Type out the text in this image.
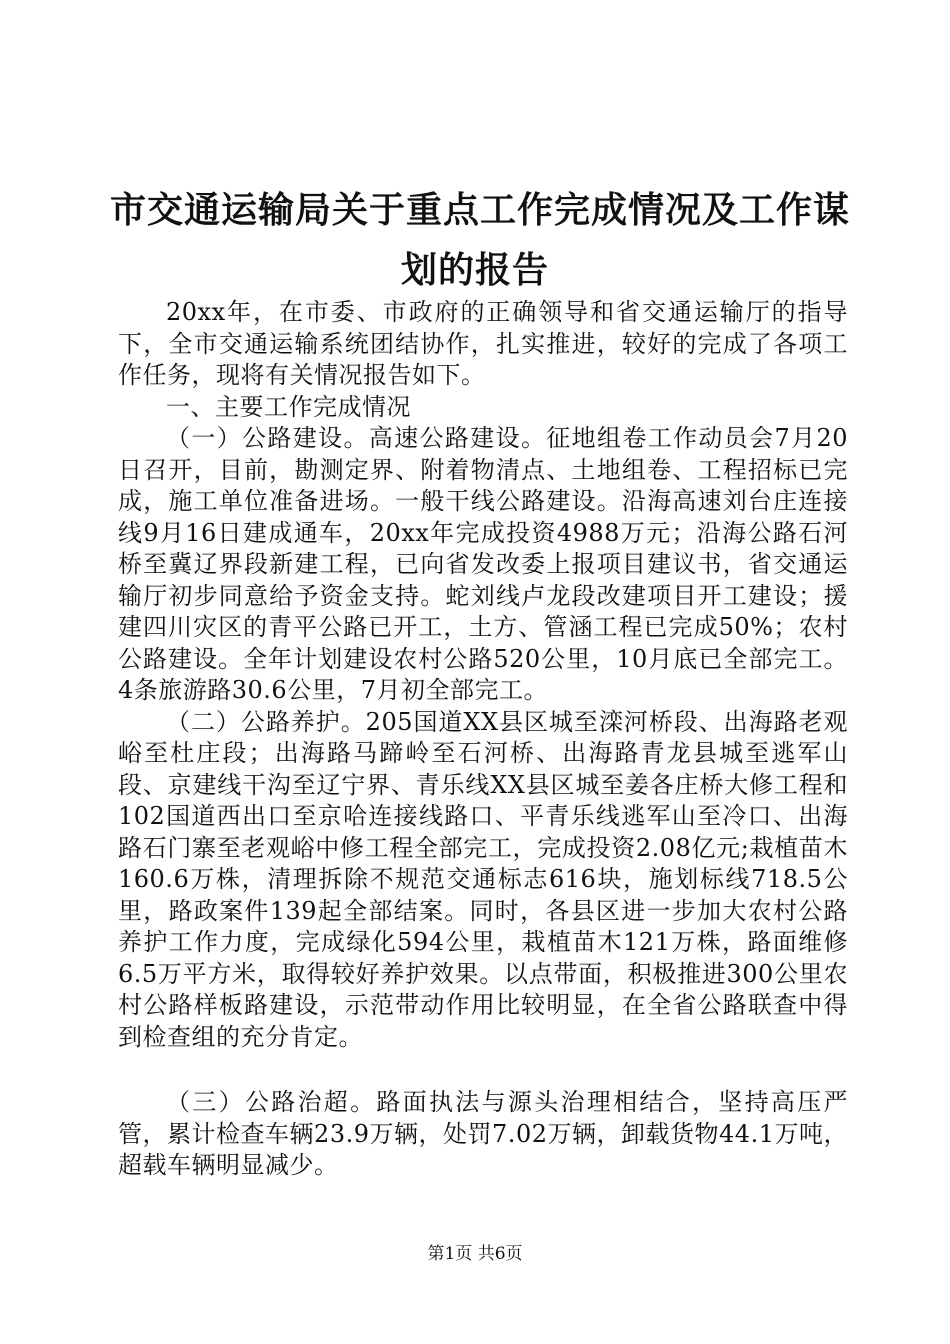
市交通运输局关于重点工作完成情况及工作谋
划的报告

20xx年，在市委、市政府的正确领导和省交通运输厅的指导下，全市交通运输系统团结协作，扎实推进，较好的完成了各项工作任务，现将有关情况报告如下。

一、主要工作完成情况

（一）公路建设。高速公路建设。征地组卷工作动员会7月20日召开，目前，勘测定界、附着物清点、土地组卷、工程招标已完成，施工单位准备进场。一般干线公路建设。沿海高速刘台庄连接线9月16日建成通车，20xx年完成投资4988万元；沿海公路石河桥至冀辽界段新建工程，已向省发改委上报项目建议书，省交通运输厅初步同意给予资金支持。蛇刘线卢龙段改建项目开工建设；援建四川灾区的青平公路已开工，土方、管涵工程已完成50%；农村公路建设。全年计划建设农村公路520公里，10月底已全部完工。4条旅游路30.6公里，7月初全部完工。

（二）公路养护。205国道XX县区城至滦河桥段、出海路老观峪至杜庄段；出海路马蹄岭至石河桥、出海路青龙县城至逃军山段、京建线干沟至辽宁界、青乐线XX县区城至姜各庄桥大修工程和102国道西出口至京哈连接线路口、平青乐线逃军山至冷口、出海路石门寨至老观峪中修工程全部完工，完成投资2.08亿元;栽植苗木160.6万株，清理拆除不规范交通标志616块，施划标线718.5公里，路政案件139起全部结案。同时，各县区进一步加大农村公路养护工作力度，完成绿化594公里，栽植苗木121万株，路面维修6.5万平方米，取得较好养护效果。以点带面，积极推进300公里农村公路样板路建设，示范带动作用比较明显，在全省公路联查中得到检查组的充分肯定。

（三）公路治超。路面执法与源头治理相结合，坚持高压严管，累计检查车辆23.9万辆，处罚7.02万辆，卸载货物44.1万吨，超载车辆明显减少。

第1页 共6页
